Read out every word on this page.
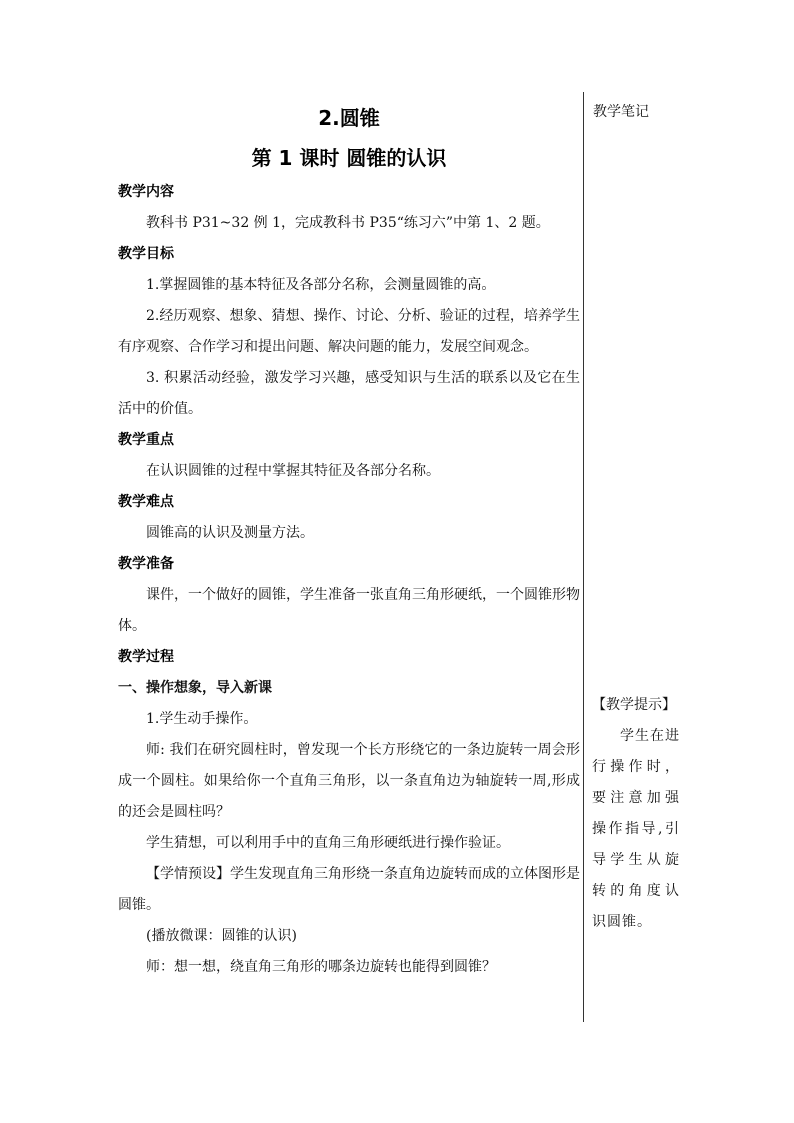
2.圆锥
第 1 课时 圆锥的认识
教学内容

教科书 P31~32 例 1，完成教科书 P35“练习六”中第 1、2 题。

教学目标

1.掌握圆锥的基本特征及各部分名称，会测量圆锥的高。

2.经历观察、想象、猜想、操作、讨论、分析、验证的过程，培养学生有序观察、合作学习和提出问题、解决问题的能力，发展空间观念。

3. 积累活动经验，激发学习兴趣，感受知识与生活的联系以及它在生活中的价值。

教学重点

在认识圆锥的过程中掌握其特征及各部分名称。

教学难点

圆锥高的认识及测量方法。

教学准备

课件，一个做好的圆锥，学生准备一张直角三角形硬纸，一个圆锥形物体。

教学过程
一、操作想象，导入新课

1.学生动手操作。

师: 我们在研究圆柱时，曾发现一个长方形绕它的一条边旋转一周会形成一个圆柱。如果给你一个直角三角形，以一条直角边为轴旋转一周,形成的还会是圆柱吗？

学生猜想，可以利用手中的直角三角形硬纸进行操作验证。

【学情预设】学生发现直角三角形绕一条直角边旋转而成的立体图形是圆锥。

(播放微课：圆锥的认识)

师：想一想，绕直角三角形的哪条边旋转也能得到圆锥？

教学笔记
【教学提示】
学生在进行操作时，要注意加强操作指导,引导学生从旋转的角度认识圆锥。
